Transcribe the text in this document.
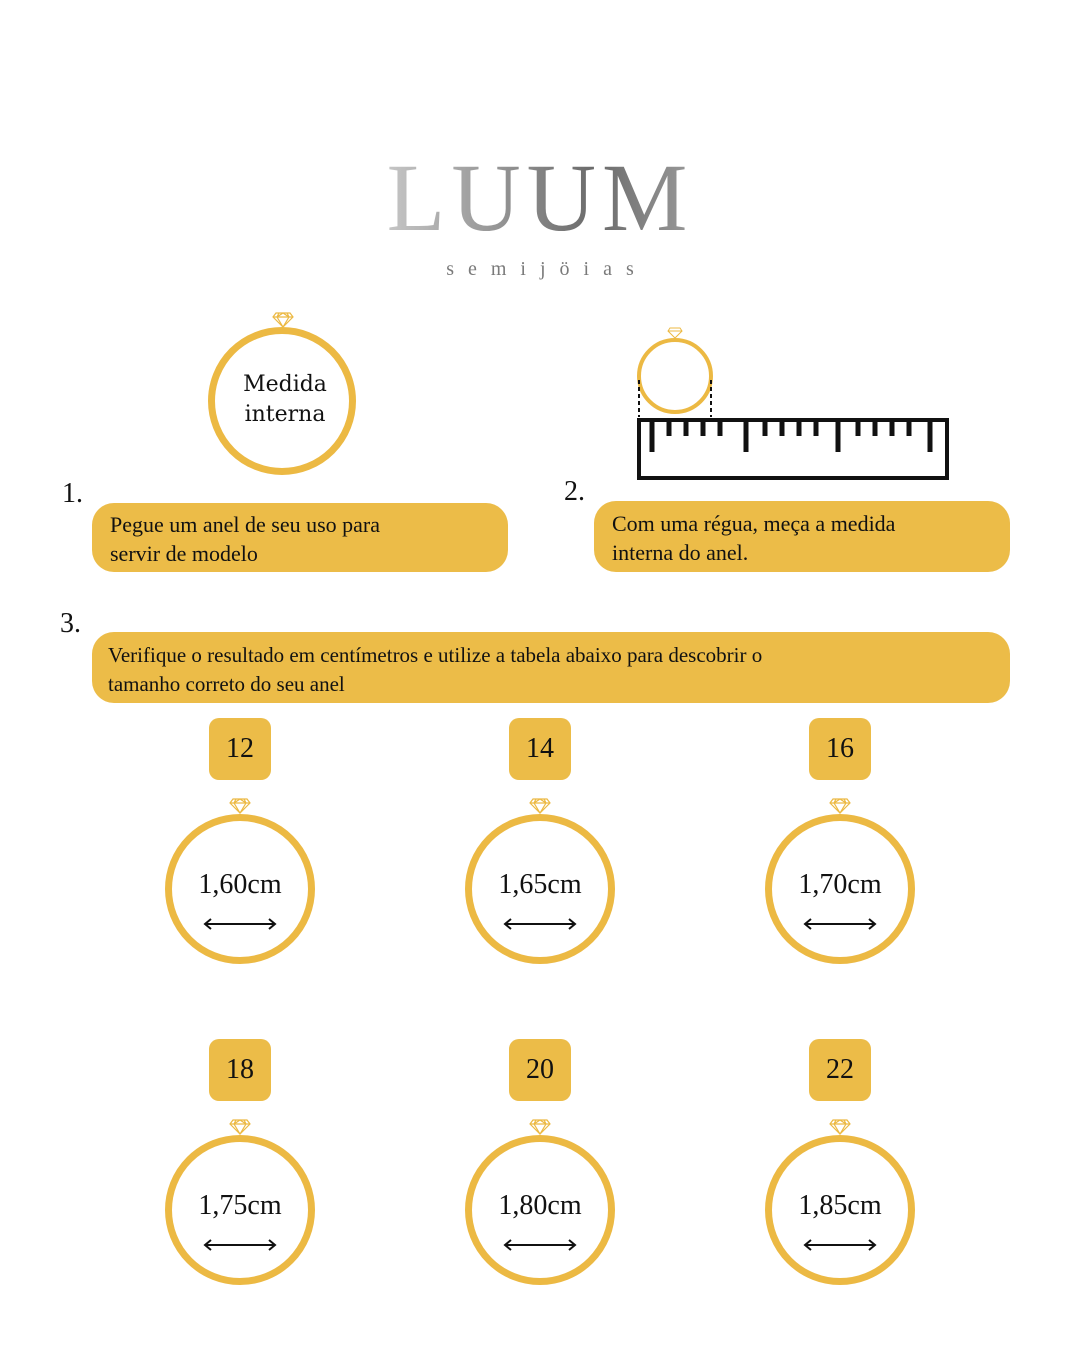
LUUM
semijöias
Medida
interna
1.
Pegue um anel de seu uso para
servir de modelo
2.
Com uma régua, meça a medida
interna do anel.
3.
Verifique o resultado em centímetros e utilize a tabela abaixo para descobrir o
tamanho correto do seu anel
12
1,60cm
14
1,65cm
16
1,70cm
18
1,75cm
20
1,80cm
22
1,85cm
